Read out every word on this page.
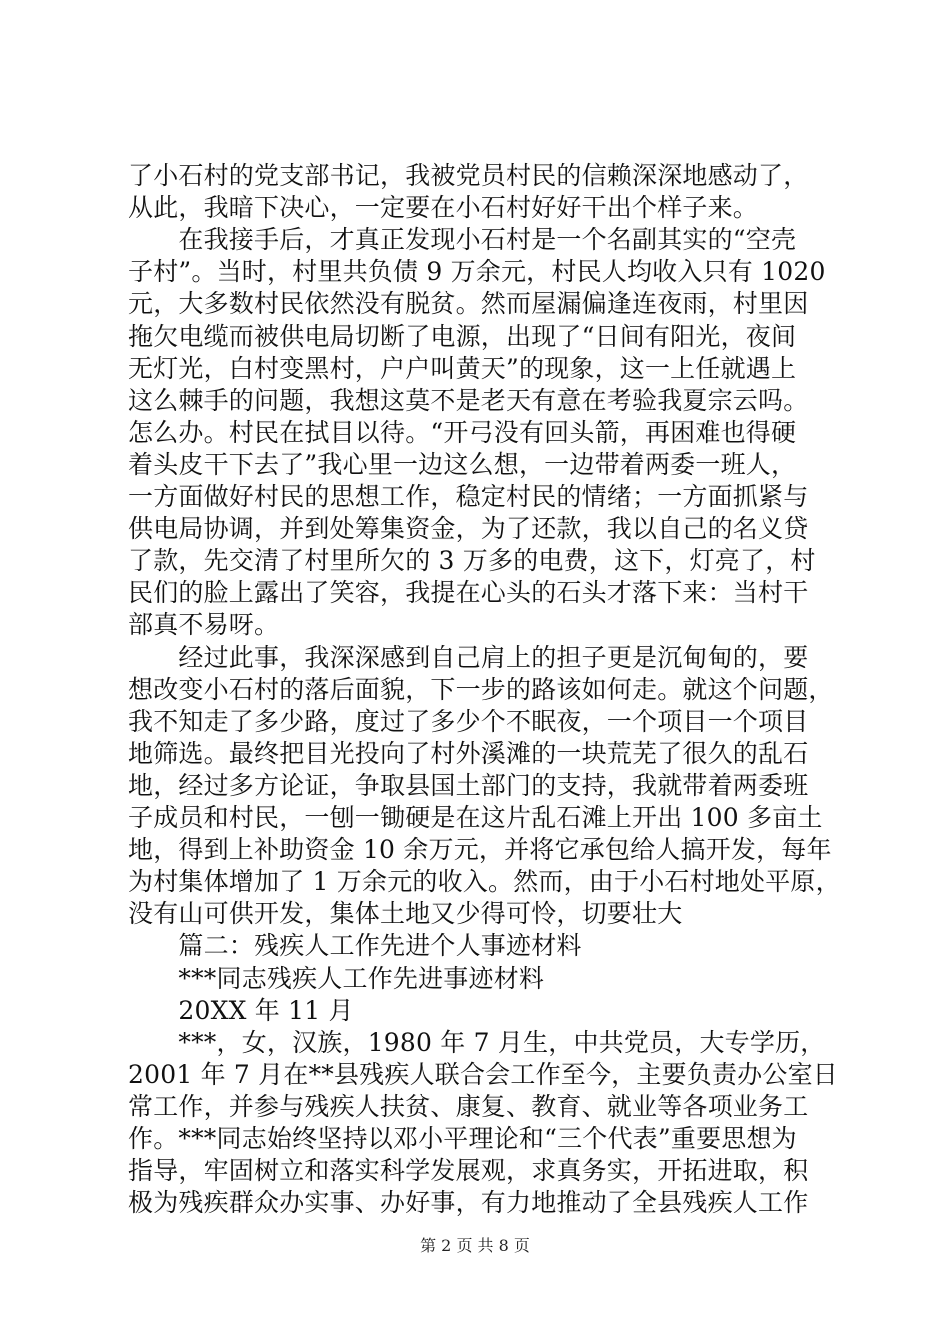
了小石村的党支部书记，我被党员村民的信赖深深地感动了，
从此，我暗下决心，一定要在小石村好好干出个样子来。
　　在我接手后，才真正发现小石村是一个名副其实的“空壳
子村”。当时，村里共负债 9 万余元，村民人均收入只有 1020
元，大多数村民依然没有脱贫。然而屋漏偏逢连夜雨，村里因
拖欠电缆而被供电局切断了电源，出现了“日间有阳光，夜间
无灯光，白村变黑村，户户叫黄天”的现象，这一上任就遇上
这么棘手的问题，我想这莫不是老天有意在考验我夏宗云吗。
怎么办。村民在拭目以待。“开弓没有回头箭，再困难也得硬
着头皮干下去了”我心里一边这么想，一边带着两委一班人，
一方面做好村民的思想工作，稳定村民的情绪；一方面抓紧与
供电局协调，并到处筹集资金，为了还款，我以自己的名义贷
了款，先交清了村里所欠的 3 万多的电费，这下，灯亮了，村
民们的脸上露出了笑容，我提在心头的石头才落下来：当村干
部真不易呀。
　　经过此事，我深深感到自己肩上的担子更是沉甸甸的，要
想改变小石村的落后面貌，下一步的路该如何走。就这个问题，
我不知走了多少路，度过了多少个不眠夜，一个项目一个项目
地筛选。最终把目光投向了村外溪滩的一块荒芜了很久的乱石
地，经过多方论证，争取县国土部门的支持，我就带着两委班
子成员和村民，一刨一锄硬是在这片乱石滩上开出 100 多亩土
地，得到上补助资金 10 余万元，并将它承包给人搞开发，每年
为村集体增加了 1 万余元的收入。然而，由于小石村地处平原，
没有山可供开发，集体土地又少得可怜，切要壮大
　　篇二：残疾人工作先进个人事迹材料
　　***同志残疾人工作先进事迹材料
　　20XX 年 11 月
　　***，女，汉族，1980 年 7 月生，中共党员，大专学历，
2001 年 7 月在**县残疾人联合会工作至今，主要负责办公室日
常工作，并参与残疾人扶贫、康复、教育、就业等各项业务工
作。***同志始终坚持以邓小平理论和“三个代表”重要思想为
指导，牢固树立和落实科学发展观，求真务实，开拓进取，积
极为残疾群众办实事、办好事，有力地推动了全县残疾人工作
第 2 页 共 8 页
